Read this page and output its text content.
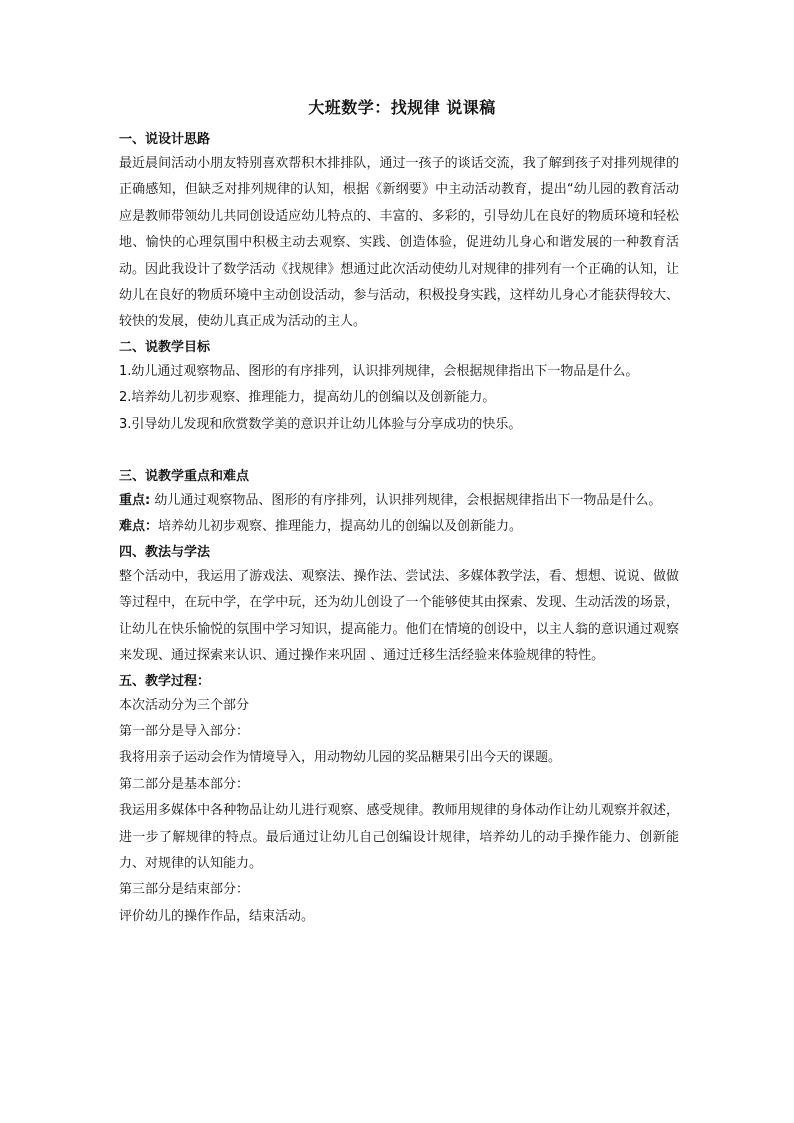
大班数学：找规律 说课稿

一、说设计思路

最近晨间活动小朋友特别喜欢帮积木排排队，通过一孩子的谈话交流，我了解到孩子对排列规律的正确感知，但缺乏对排列规律的认知，根据《新纲要》中主动活动教育，提出“幼儿园的教育活动应是教师带领幼儿共同创设适应幼儿特点的、丰富的、多彩的，引导幼儿在良好的物质环境和轻松地、愉快的心理氛围中积极主动去观察、实践、创造体验，促进幼儿身心和谐发展的一种教育活动。因此我设计了数学活动《找规律》想通过此次活动使幼儿对规律的排列有一个正确的认知，让幼儿在良好的物质环境中主动创设活动，参与活动，积极投身实践，这样幼儿身心才能获得较大、较快的发展，使幼儿真正成为活动的主人。

二、说教学目标

1.幼儿通过观察物品、图形的有序排列，认识排列规律，会根据规律指出下一物品是什么。

2.培养幼儿初步观察、推理能力，提高幼儿的创编以及创新能力。

3.引导幼儿发现和欣赏数学美的意识并让幼儿体验与分享成功的快乐。

三、说教学重点和难点

重点: 幼儿通过观察物品、图形的有序排列，认识排列规律，会根据规律指出下一物品是什么。

难点：培养幼儿初步观察、推理能力，提高幼儿的创编以及创新能力。

四、教法与学法

整个活动中，我运用了游戏法、观察法、操作法、尝试法、多媒体教学法，看、想想、说说、做做等过程中，在玩中学，在学中玩，还为幼儿创设了一个能够使其由探索、发现、生动活泼的场景，让幼儿在快乐愉悦的氛围中学习知识，提高能力。他们在情境的创设中，以主人翁的意识通过观察来发现、通过探索来认识、通过操作来巩固 、通过迁移生活经验来体验规律的特性。

五、教学过程：

本次活动分为三个部分

第一部分是导入部分：

我将用亲子运动会作为情境导入，用动物幼儿园的奖品糖果引出今天的课题。

第二部分是基本部分：

我运用多媒体中各种物品让幼儿进行观察、感受规律。教师用规律的身体动作让幼儿观察并叙述，进一步了解规律的特点。最后通过让幼儿自己创编设计规律，培养幼儿的动手操作能力、创新能力、对规律的认知能力。

第三部分是结束部分：

评价幼儿的操作作品，结束活动。
